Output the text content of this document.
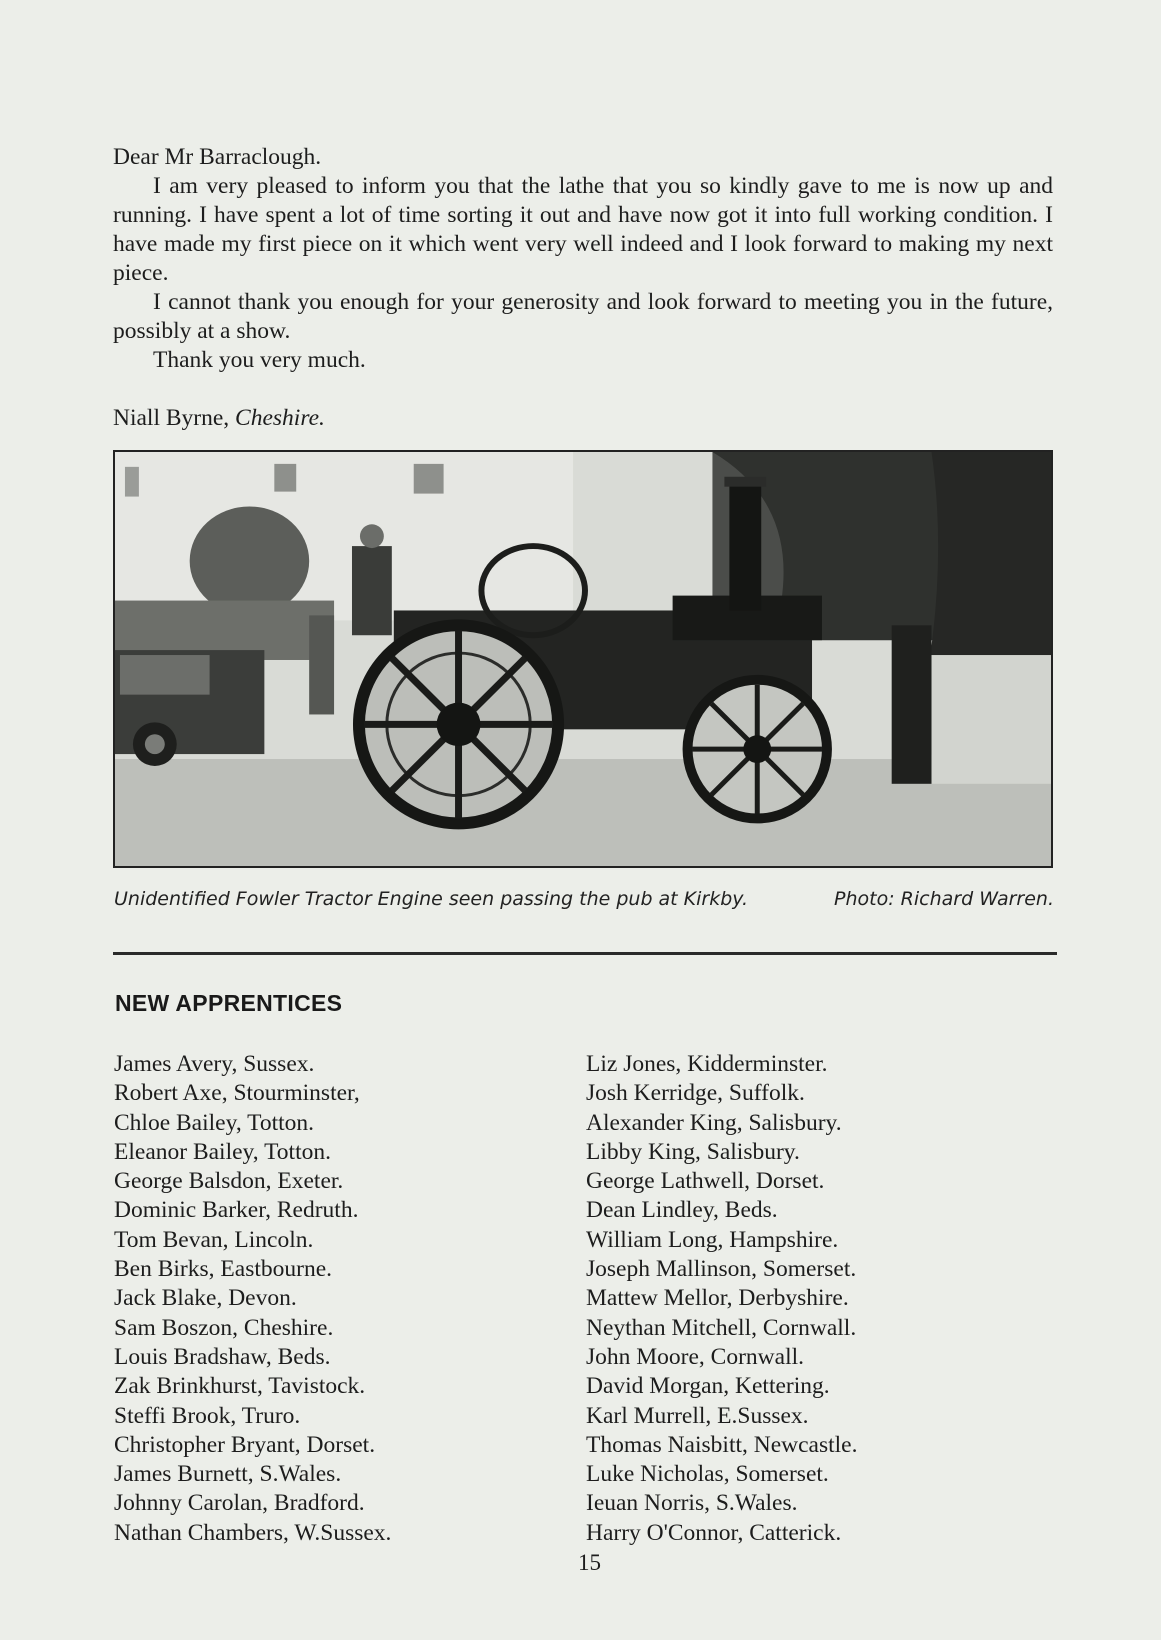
Dear Mr Barraclough.

I am very pleased to inform you that the lathe that you so kindly gave to me is now up and running. I have spent a lot of time sorting it out and have now got it into full working condition. I have made my first piece on it which went very well indeed and I look forward to making my next piece.

I cannot thank you enough for your generosity and look forward to meeting you in the future, possibly at a show.

Thank you very much.

Niall Byrne, Cheshire.

Unidentified Fowler Tractor Engine seen passing the pub at Kirkby.	Photo: Richard Warren.
NEW APPRENTICES
James Avery, Sussex.
Robert Axe, Stourminster,
Chloe Bailey, Totton.
Eleanor Bailey, Totton.
George Balsdon, Exeter.
Dominic Barker, Redruth.
Tom Bevan, Lincoln.
Ben Birks, Eastbourne.
Jack Blake, Devon.
Sam Boszon, Cheshire.
Louis Bradshaw, Beds.
Zak Brinkhurst, Tavistock.
Steffi Brook, Truro.
Christopher Bryant, Dorset.
James Burnett, S.Wales.
Johnny Carolan, Bradford.
Nathan Chambers, W.Sussex.
Liz Jones, Kidderminster.
Josh Kerridge, Suffolk.
Alexander King, Salisbury.
Libby King, Salisbury.
George Lathwell, Dorset.
Dean Lindley, Beds.
William Long, Hampshire.
Joseph Mallinson, Somerset.
Mattew Mellor, Derbyshire.
Neythan Mitchell, Cornwall.
John Moore, Cornwall.
David Morgan, Kettering.
Karl Murrell, E.Sussex.
Thomas Naisbitt, Newcastle.
Luke Nicholas, Somerset.
Ieuan Norris, S.Wales.
Harry O'Connor, Catterick.
15
